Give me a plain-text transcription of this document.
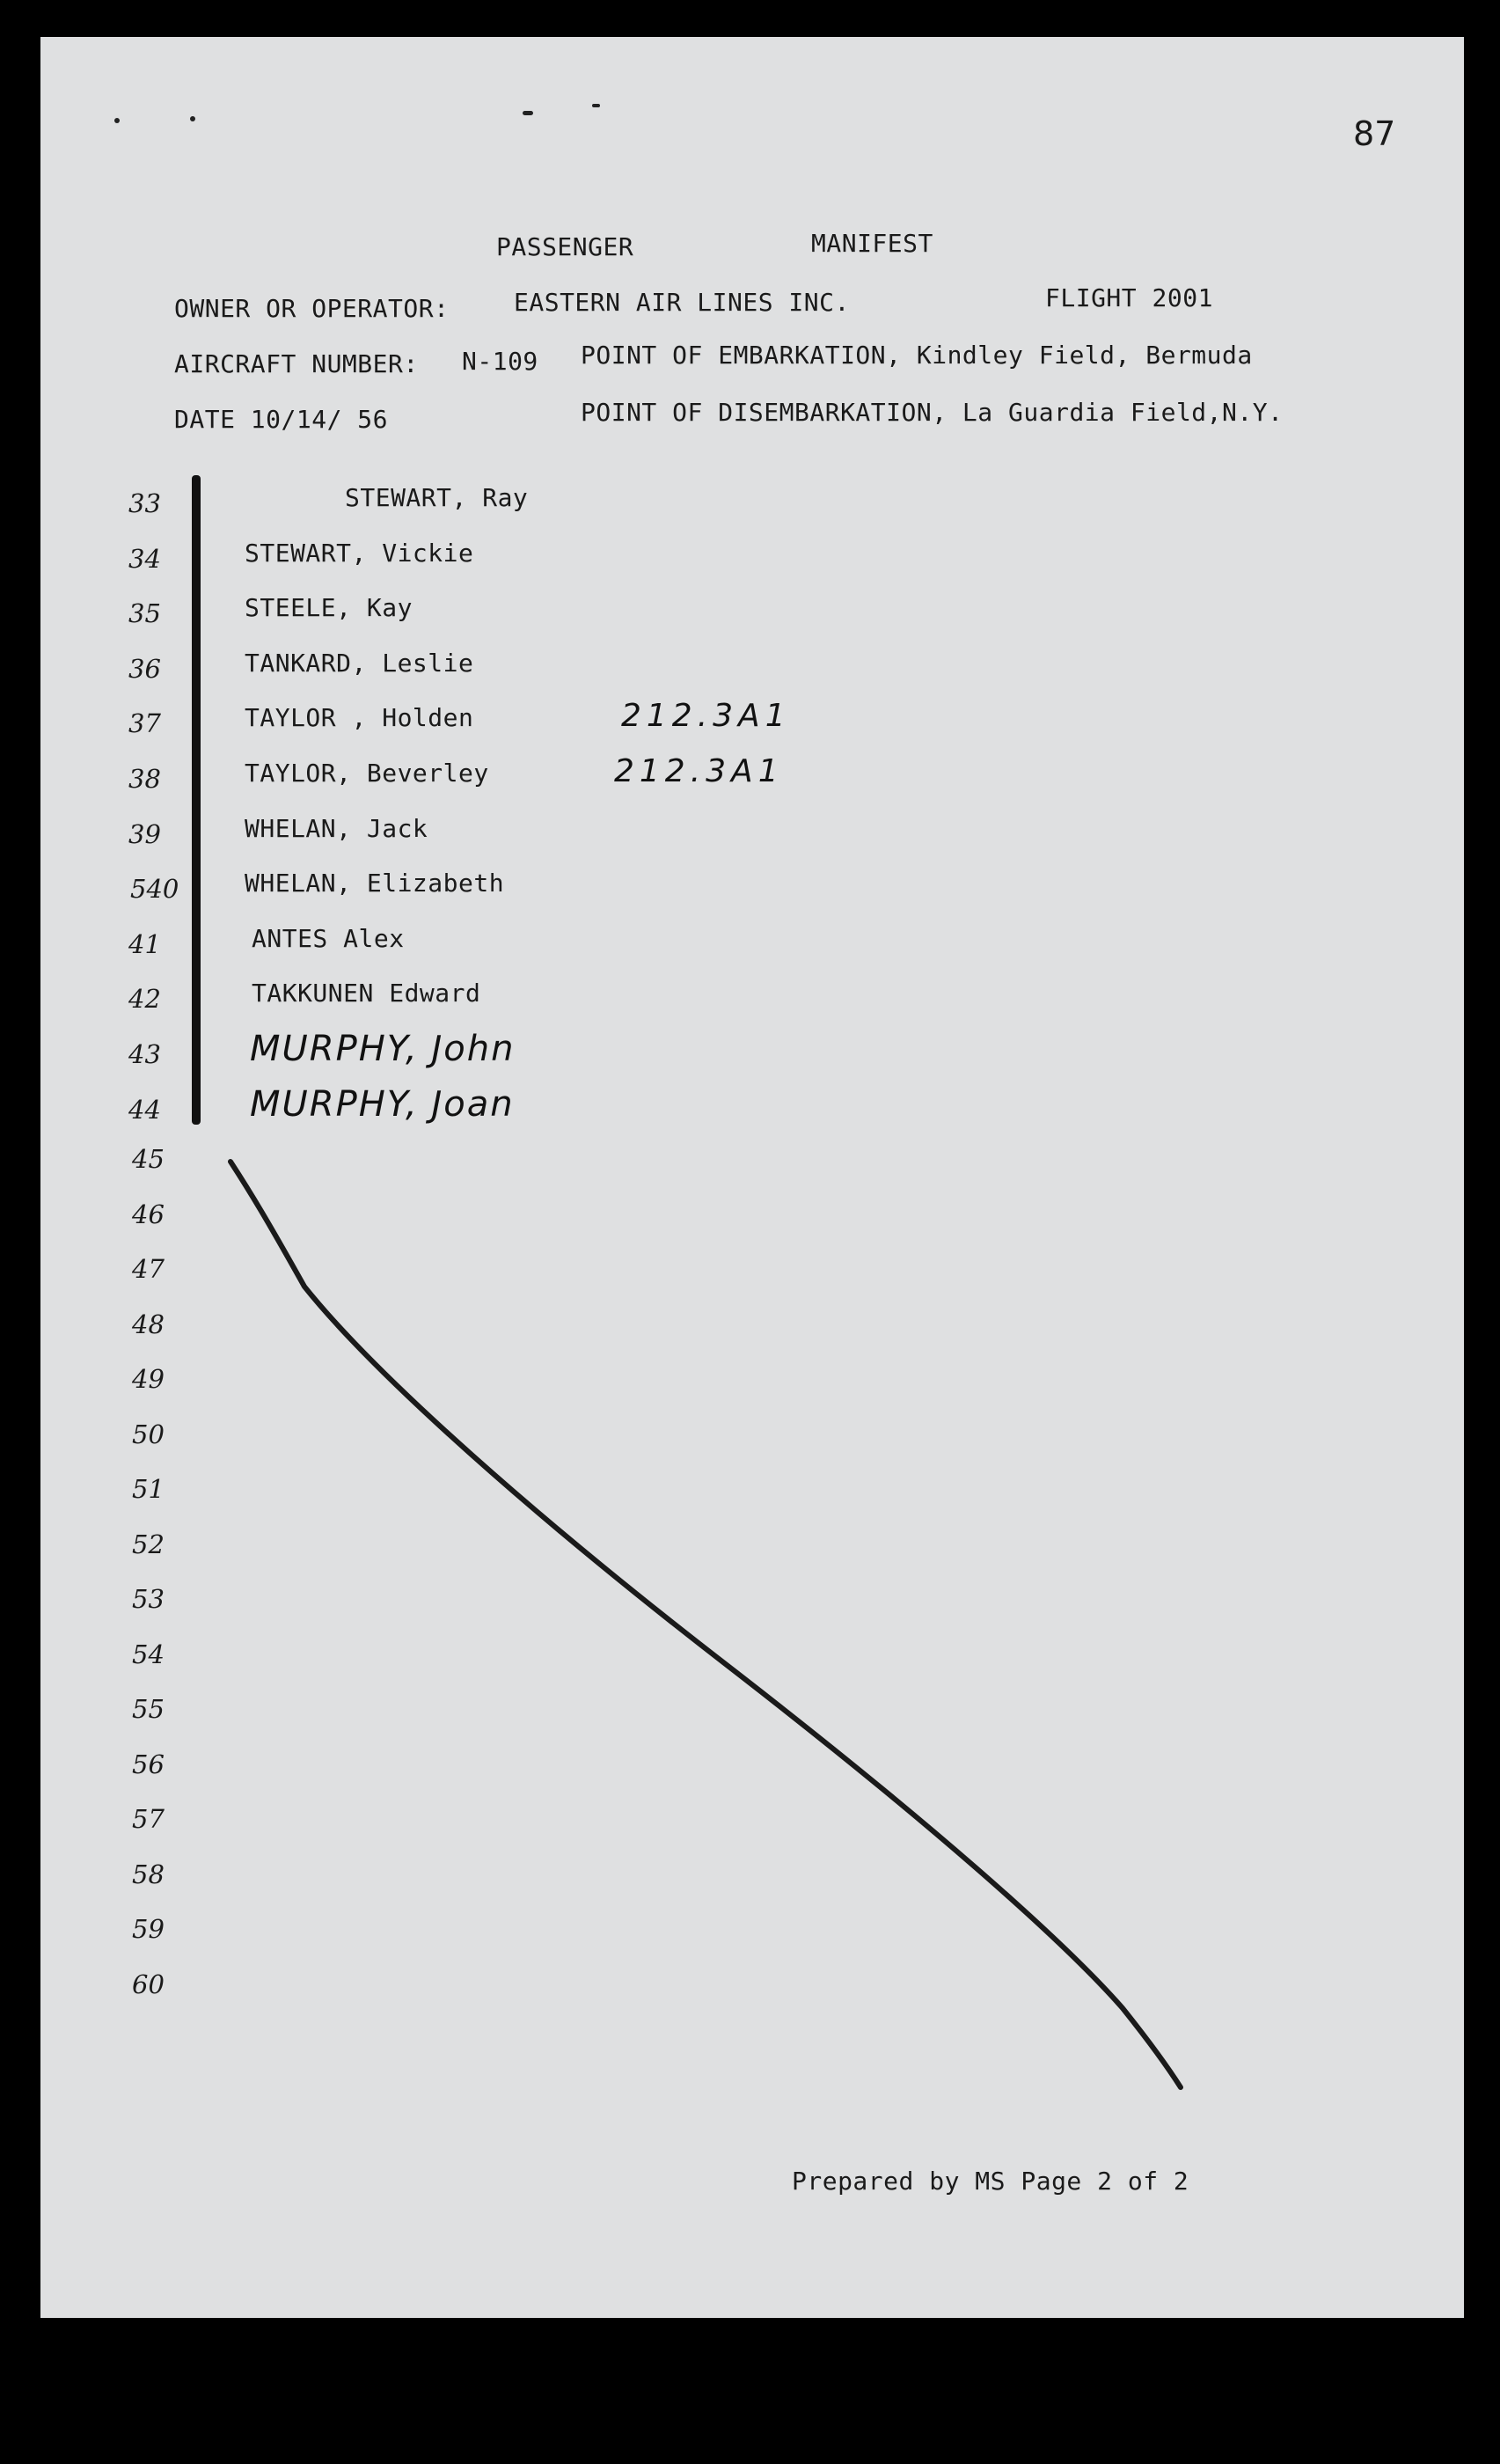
87
PASSENGER	MANIFEST
OWNER OR OPERATOR:	EASTERN AIR LINES INC.	FLIGHT 2001
AIRCRAFT NUMBER: N-109 POINT OF EMBARKATION, Kindley Field, Bermuda
DATE 10/14/ 56	POINT OF DISEMBARKATION, La Guardia Field,N.Y.
Prepared by MS Page 2 of 2
33	STEWART, Ray
34	STEWART, Vickie
35	STEELE, Kay
36	TANKARD, Leslie
37	TAYLOR , Holden	212.3A1
38	TAYLOR, Beverley	212.3A1
39	WHELAN, Jack
540	WHELAN, Elizabeth
41	ANTES Alex
42	TAKKUNEN Edward
43	MURPHY, John
44	MURPHY, Joan
45
46
47
48
49
50
51
52
53
54
55
56
57
58
59
60
